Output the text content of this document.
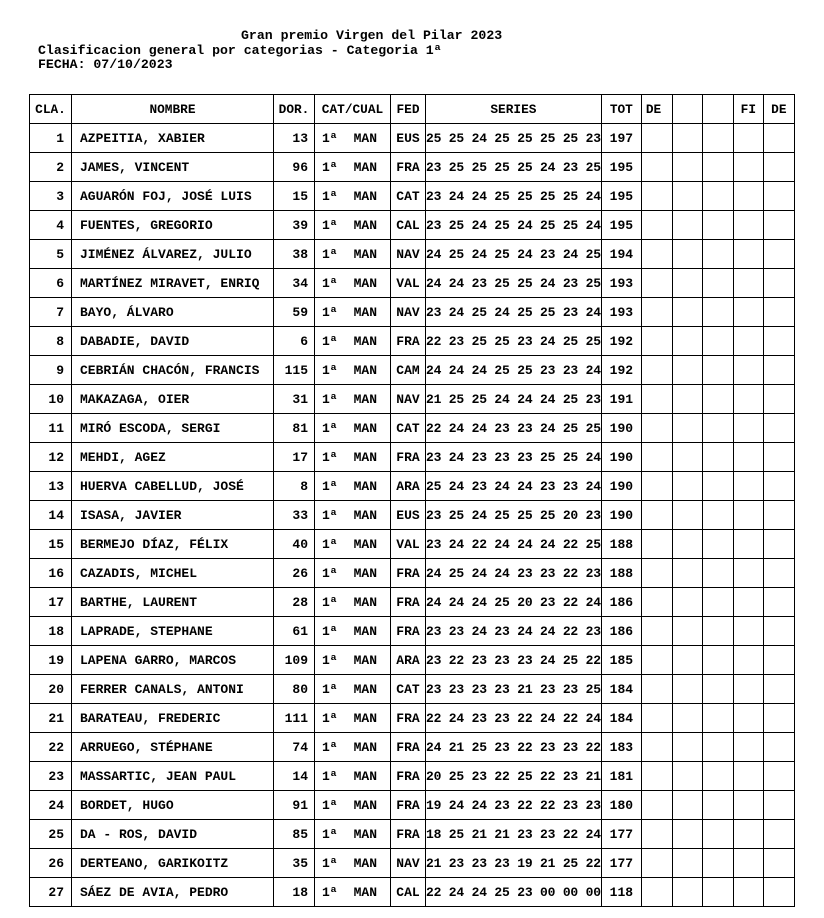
Gran premio Virgen del Pilar 2023
Clasificacion general por categorias - Categoria 1ª
FECHA: 07/10/2023
CLA.	NOMBRE	DOR.	CAT/CUAL	FED	SERIES	TOT	DE			FI	DE
1	AZPEITIA, XABIER	13	1ª MAN	EUS	25 25 24 25 25 25 25 23	197					
2	JAMES, VINCENT	96	1ª MAN	FRA	23 25 25 25 25 24 23 25	195					
3	AGUARÓN FOJ, JOSÉ LUIS	15	1ª MAN	CAT	23 24 24 25 25 25 25 24	195					
4	FUENTES, GREGORIO	39	1ª MAN	CAL	23 25 24 25 24 25 25 24	195					
5	JIMÉNEZ ÁLVAREZ, JULIO	38	1ª MAN	NAV	24 25 24 25 24 23 24 25	194					
6	MARTÍNEZ MIRAVET, ENRIQ	34	1ª MAN	VAL	24 24 23 25 25 24 23 25	193					
7	BAYO, ÁLVARO	59	1ª MAN	NAV	23 24 25 24 25 25 23 24	193					
8	DABADIE, DAVID	6	1ª MAN	FRA	22 23 25 25 23 24 25 25	192					
9	CEBRIÁN CHACÓN, FRANCIS	115	1ª MAN	CAM	24 24 24 25 25 23 23 24	192					
10	MAKAZAGA, OIER	31	1ª MAN	NAV	21 25 25 24 24 24 25 23	191					
11	MIRÓ ESCODA, SERGI	81	1ª MAN	CAT	22 24 24 23 23 24 25 25	190					
12	MEHDI, AGEZ	17	1ª MAN	FRA	23 24 23 23 23 25 25 24	190					
13	HUERVA CABELLUD, JOSÉ	8	1ª MAN	ARA	25 24 23 24 24 23 23 24	190					
14	ISASA, JAVIER	33	1ª MAN	EUS	23 25 24 25 25 25 20 23	190					
15	BERMEJO DÍAZ, FÉLIX	40	1ª MAN	VAL	23 24 22 24 24 24 22 25	188					
16	CAZADIS, MICHEL	26	1ª MAN	FRA	24 25 24 24 23 23 22 23	188					
17	BARTHE, LAURENT	28	1ª MAN	FRA	24 24 24 25 20 23 22 24	186					
18	LAPRADE, STEPHANE	61	1ª MAN	FRA	23 23 24 23 24 24 22 23	186					
19	LAPENA GARRO, MARCOS	109	1ª MAN	ARA	23 22 23 23 23 24 25 22	185					
20	FERRER CANALS, ANTONI	80	1ª MAN	CAT	23 23 23 23 21 23 23 25	184					
21	BARATEAU, FREDERIC	111	1ª MAN	FRA	22 24 23 23 22 24 22 24	184					
22	ARRUEGO, STÉPHANE	74	1ª MAN	FRA	24 21 25 23 22 23 23 22	183					
23	MASSARTIC, JEAN PAUL	14	1ª MAN	FRA	20 25 23 22 25 22 23 21	181					
24	BORDET, HUGO	91	1ª MAN	FRA	19 24 24 23 22 22 23 23	180					
25	DA - ROS, DAVID	85	1ª MAN	FRA	18 25 21 21 23 23 22 24	177					
26	DERTEANO, GARIKOITZ	35	1ª MAN	NAV	21 23 23 23 19 21 25 22	177					
27	SÁEZ DE AVIA, PEDRO	18	1ª MAN	CAL	22 24 24 25 23 00 00 00	118					
